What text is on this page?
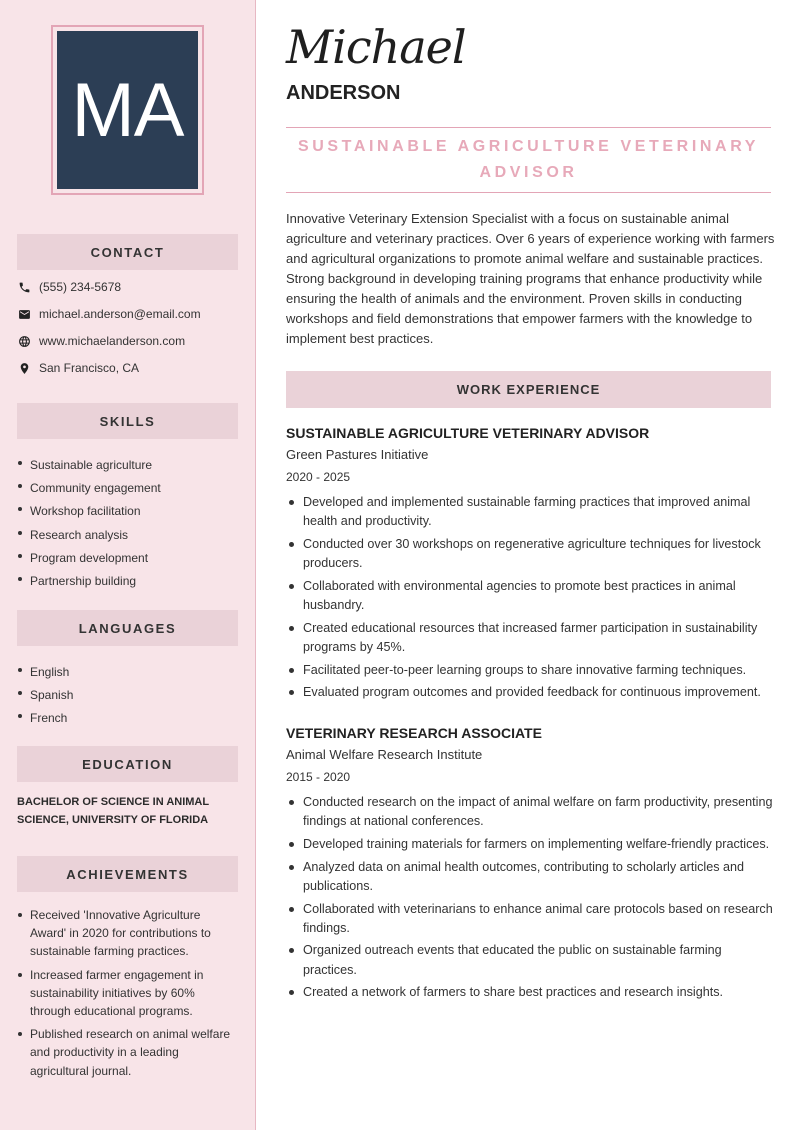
MA
CONTACT
(555) 234-5678
michael.anderson@email.com
www.michaelanderson.com
San Francisco, CA
SKILLS
Sustainable agriculture
Community engagement
Workshop facilitation
Research analysis
Program development
Partnership building
LANGUAGES
English
Spanish
French
EDUCATION
BACHELOR OF SCIENCE IN ANIMAL SCIENCE, UNIVERSITY OF FLORIDA
ACHIEVEMENTS
Received 'Innovative Agriculture Award' in 2020 for contributions to sustainable farming practices.
Increased farmer engagement in sustainability initiatives by 60% through educational programs.
Published research on animal welfare and productivity in a leading agricultural journal.
Michael
ANDERSON
SUSTAINABLE AGRICULTURE VETERINARY ADVISOR

Innovative Veterinary Extension Specialist with a focus on sustainable animal agriculture and veterinary practices. Over 6 years of experience working with farmers and agricultural organizations to promote animal welfare and sustainable practices. Strong background in developing training programs that enhance productivity while ensuring the health of animals and the environment. Proven skills in conducting workshops and field demonstrations that empower farmers with the knowledge to implement best practices.

WORK EXPERIENCE
SUSTAINABLE AGRICULTURE VETERINARY ADVISOR
Green Pastures Initiative
2020 - 2025
Developed and implemented sustainable farming practices that improved animal health and productivity.
Conducted over 30 workshops on regenerative agriculture techniques for livestock producers.
Collaborated with environmental agencies to promote best practices in animal husbandry.
Created educational resources that increased farmer participation in sustainability programs by 45%.
Facilitated peer-to-peer learning groups to share innovative farming techniques.
Evaluated program outcomes and provided feedback for continuous improvement.
VETERINARY RESEARCH ASSOCIATE
Animal Welfare Research Institute
2015 - 2020
Conducted research on the impact of animal welfare on farm productivity, presenting findings at national conferences.
Developed training materials for farmers on implementing welfare-friendly practices.
Analyzed data on animal health outcomes, contributing to scholarly articles and publications.
Collaborated with veterinarians to enhance animal care protocols based on research findings.
Organized outreach events that educated the public on sustainable farming practices.
Created a network of farmers to share best practices and research insights.
